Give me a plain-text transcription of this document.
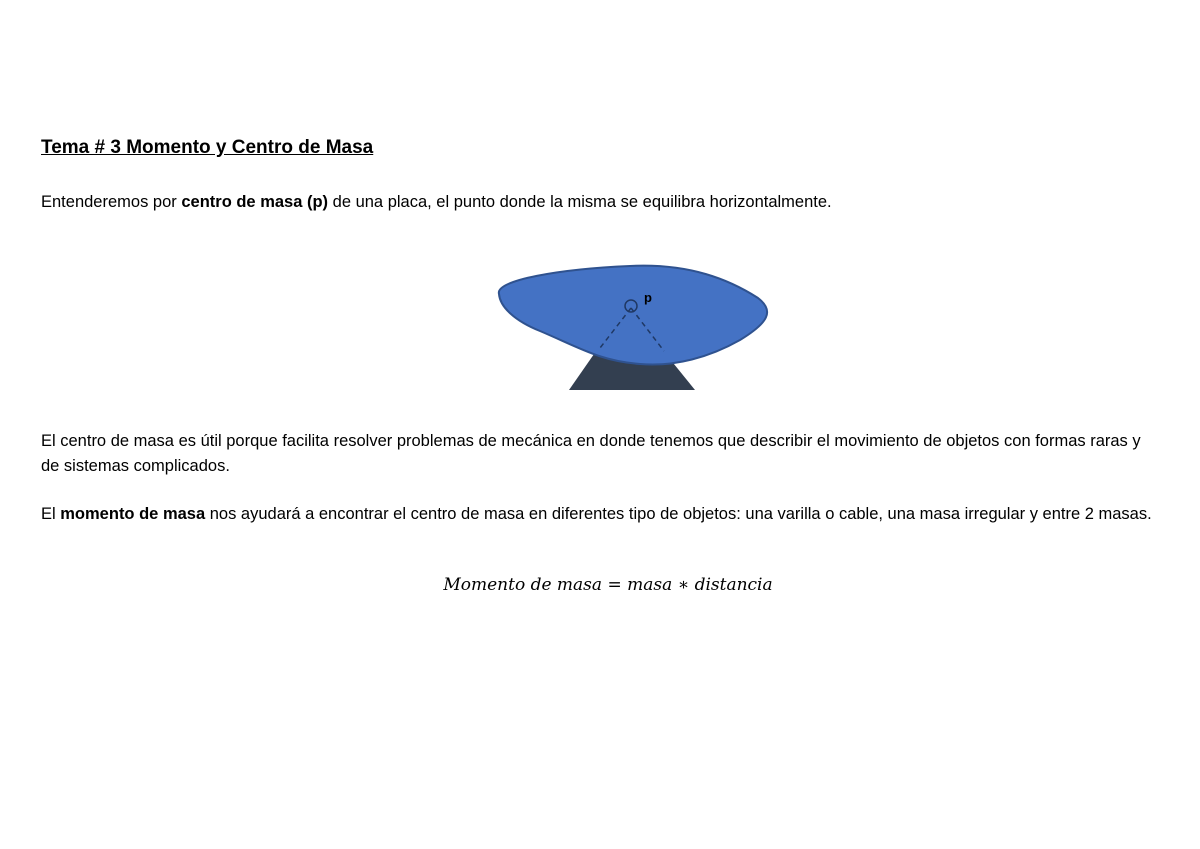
Tema # 3 Momento y Centro de Masa
Entenderemos por centro de masa (p) de una placa, el punto donde la misma se equilibra horizontalmente.
p
El centro de masa es útil porque facilita resolver problemas de mecánica en donde tenemos que describir el movimiento de objetos con formas raras y de sistemas complicados.
El momento de masa nos ayudará a encontrar el centro de masa en diferentes tipo de objetos: una varilla o cable, una masa irregular y entre 2 masas.
Momento de masa = masa ∗ distancia
